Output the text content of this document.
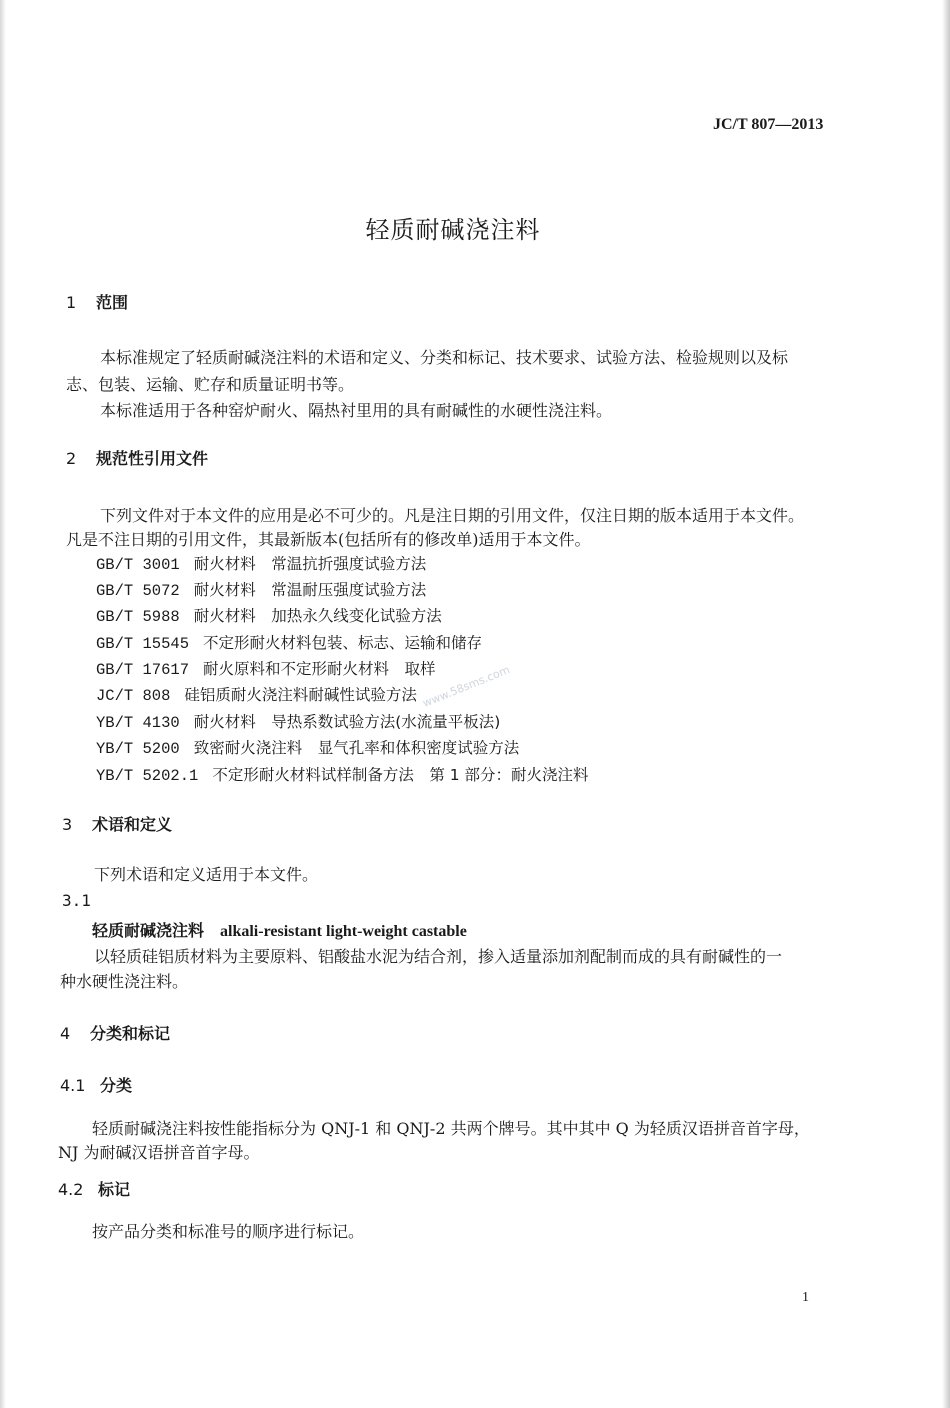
JC/T 807—2013
轻质耐碱浇注料
1 范围
本标准规定了轻质耐碱浇注料的术语和定义、分类和标记、技术要求、试验方法、检验规则以及标
志、包装、运输、贮存和质量证明书等。
本标准适用于各种窑炉耐火、隔热衬里用的具有耐碱性的水硬性浇注料。
2 规范性引用文件
下列文件对于本文件的应用是必不可少的。凡是注日期的引用文件，仅注日期的版本适用于本文件。
凡是不注日期的引用文件，其最新版本(包括所有的修改单)适用于本文件。
GB/T 3001 耐火材料　常温抗折强度试验方法
GB/T 5072 耐火材料　常温耐压强度试验方法
GB/T 5988 耐火材料　加热永久线变化试验方法
GB/T 15545 不定形耐火材料包装、标志、运输和储存
GB/T 17617 耐火原料和不定形耐火材料　取样
JC/T 808 硅铝质耐火浇注料耐碱性试验方法
YB/T 4130 耐火材料　导热系数试验方法(水流量平板法)
YB/T 5200 致密耐火浇注料　显气孔率和体积密度试验方法
YB/T 5202.1 不定形耐火材料试样制备方法　第 1 部分：耐火浇注料
3 术语和定义
下列术语和定义适用于本文件。
3.1
轻质耐碱浇注料 alkali-resistant light-weight castable
以轻质硅铝质材料为主要原料、铝酸盐水泥为结合剂，掺入适量添加剂配制而成的具有耐碱性的一
种水硬性浇注料。
4 分类和标记
4.1 分类
轻质耐碱浇注料按性能指标分为 QNJ-1 和 QNJ-2 共两个牌号。其中其中 Q 为轻质汉语拼音首字母，
NJ 为耐碱汉语拼音首字母。
4.2 标记
按产品分类和标准号的顺序进行标记。
www.58sms.com
1
